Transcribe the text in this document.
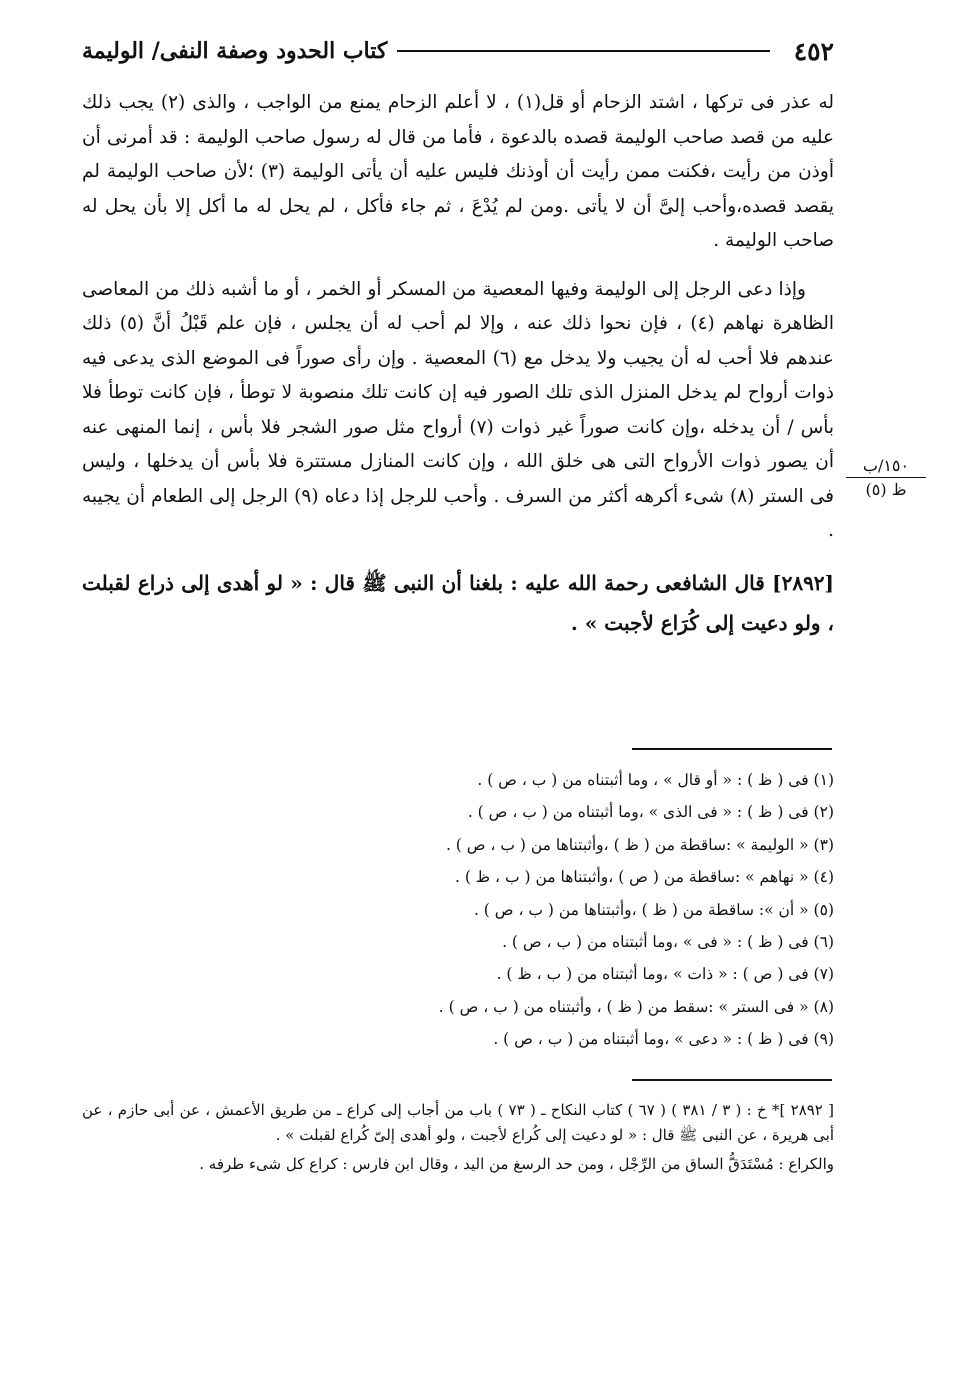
٤٥٢
كتاب الحدود وصفة النفى/ الوليمة

له عذر فى تركها ، اشتد الزحام أو قل(١) ، لا أعلم الزحام يمنع من الواجب ، والذى (٢) يجب ذلك عليه من قصد صاحب الوليمة قصده بالدعوة ، فأما من قال له رسول صاحب الوليمة : قد أمرنى أن أوذن من رأيت ،فكنت ممن رأيت أن أوذنك فليس عليه أن يأتى الوليمة (٣) ؛لأن صاحب الوليمة لم يقصد قصده،وأحب إلىَّ أن لا يأتى .ومن لم يُدْعَ ، ثم جاء فأكل ، لم يحل له ما أكل إلا بأن يحل له صاحب الوليمة .

وإذا دعى الرجل إلى الوليمة وفيها المعصية من المسكر أو الخمر ، أو ما أشبه ذلك من المعاصى الظاهرة نهاهم (٤) ، فإن نحوا ذلك عنه ، وإلا لم أحب له أن يجلس ، فإن علم قَبْلُ أنَّ (٥) ذلك عندهم فلا أحب له أن يجيب ولا يدخل مع (٦) المعصية . وإن رأى صوراً فى الموضع الذى يدعى فيه ذوات أرواح لم يدخل المنزل الذى تلك الصور فيه إن كانت تلك منصوبة لا توطأ ، فإن كانت توطأ فلا بأس / أن يدخله ،وإن كانت صوراً غير ذوات (٧) أرواح مثل صور الشجر فلا بأس ، إنما المنهى عنه أن يصور ذوات الأرواح التى هى خلق الله ، وإن كانت المنازل مستترة فلا بأس أن يدخلها ، وليس فى الستر (٨) شىء أكرهه أكثر من السرف . وأحب للرجل إذا دعاه (٩) الرجل إلى الطعام أن يجيبه .

[٢٨٩٢] قال الشافعى رحمة الله عليه : بلغنا أن النبى ﷺ قال : « لو أهدى إلى ذراع لقبلت ، ولو دعيت إلى كُرَاع لأجبت » .

١٥٠/ب
ظ (٥)
(١) فى ( ظ ) : « أو قال » ، وما أثبتناه من ( ب ، ص ) .
(٢) فى ( ظ ) : « فى الذى » ،وما أثبتناه من ( ب ، ص ) .
(٣) « الوليمة » :ساقطة من ( ظ ) ،وأثبتناها من ( ب ، ص ) .
(٤) « نهاهم » :ساقطة من ( ص ) ،وأثبتناها من ( ب ، ظ ) .
(٥) « أن »: ساقطة من ( ظ ) ،وأثبتناها من ( ب ، ص ) .
(٦) فى ( ظ ) : « فى » ،وما أثبتناه من ( ب ، ص ) .
(٧) فى ( ص ) : « ذات » ،وما أثبتناه من ( ب ، ظ ) .
(٨) « فى الستر » :سقط من ( ظ ) ، وأثبتناه من ( ب ، ص ) .
(٩) فى ( ظ ) : « دعى » ،وما أثبتناه من ( ب ، ص ) .

[ ٢٨٩٢ ]* خ : ( ٣ / ٣٨١ ) ( ٦٧ ) كتاب النكاح ـ ( ٧٣ ) باب من أجاب إلى كراع ـ من طريق الأعمش ، عن أبى حازم ، عن أبى هريرة ، عن النبى ﷺ قال : « لو دعيت إلى كُراع لأجبت ، ولو أهدى إلىّ كُراع لقبلت » .

والكراع : مُسْتَدَقُّ الساق من الرِّجْل ، ومن حد الرسغ من اليد ، وقال ابن فارس : كراع كل شىء طرفه .
